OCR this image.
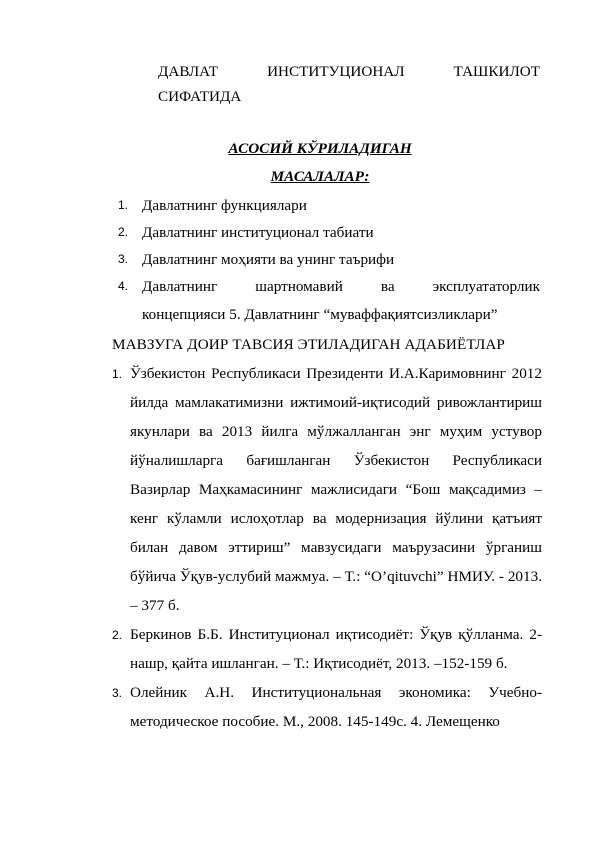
ДАВЛАТ	ИНСТИТУЦИОНАЛ	ТАШКИЛОТ
СИФАТИДА
АСОСИЙ КЎРИЛАДИГАН
МАСАЛАЛАР:
1. Давлатнинг функциялари
2. Давлатнинг институционал табиати
3. Давлатнинг моҳияти ва унинг таърифи
4. Давлатнинг	шартномавий	ва	эксплуататорлик
концепцияси 5. Давлатнинг “муваффақиятсизликлари”
МАВЗУГА ДОИР ТАВСИЯ ЭТИЛАДИГАН АДАБИЁТЛАР
1. Ўзбекистон Республикаси Президенти И.А.Каримовнинг 2012 йилда мамлакатимизни ижтимоий-иқтисодий ривожлантириш якунлари ва 2013 йилга мўлжалланган энг муҳим устувор йўналишларга бағишланган Ўзбекистон Республикаси Вазирлар Маҳкамасининг мажлисидаги “Бош мақсадимиз – кенг кўламли ислоҳотлар ва модернизация йўлини қатъият билан давом эттириш” мавзусидаги маърузасини ўрганиш бўйича Ўқув-услубий мажмуа. – Т.: “O’qituvchi” НМИУ. - 2013. – 377 б.
2. Беркинов Б.Б. Институционал иқтисодиёт: Ўқув қўлланма. 2-нашр, қайта ишланган. – Т.: Иқтисодиёт, 2013. –152-159 б.
3. Олейник А.Н. Институциональная экономика: Учебно-методическое пособие. М., 2008. 145-149с. 4. Лемещенко
